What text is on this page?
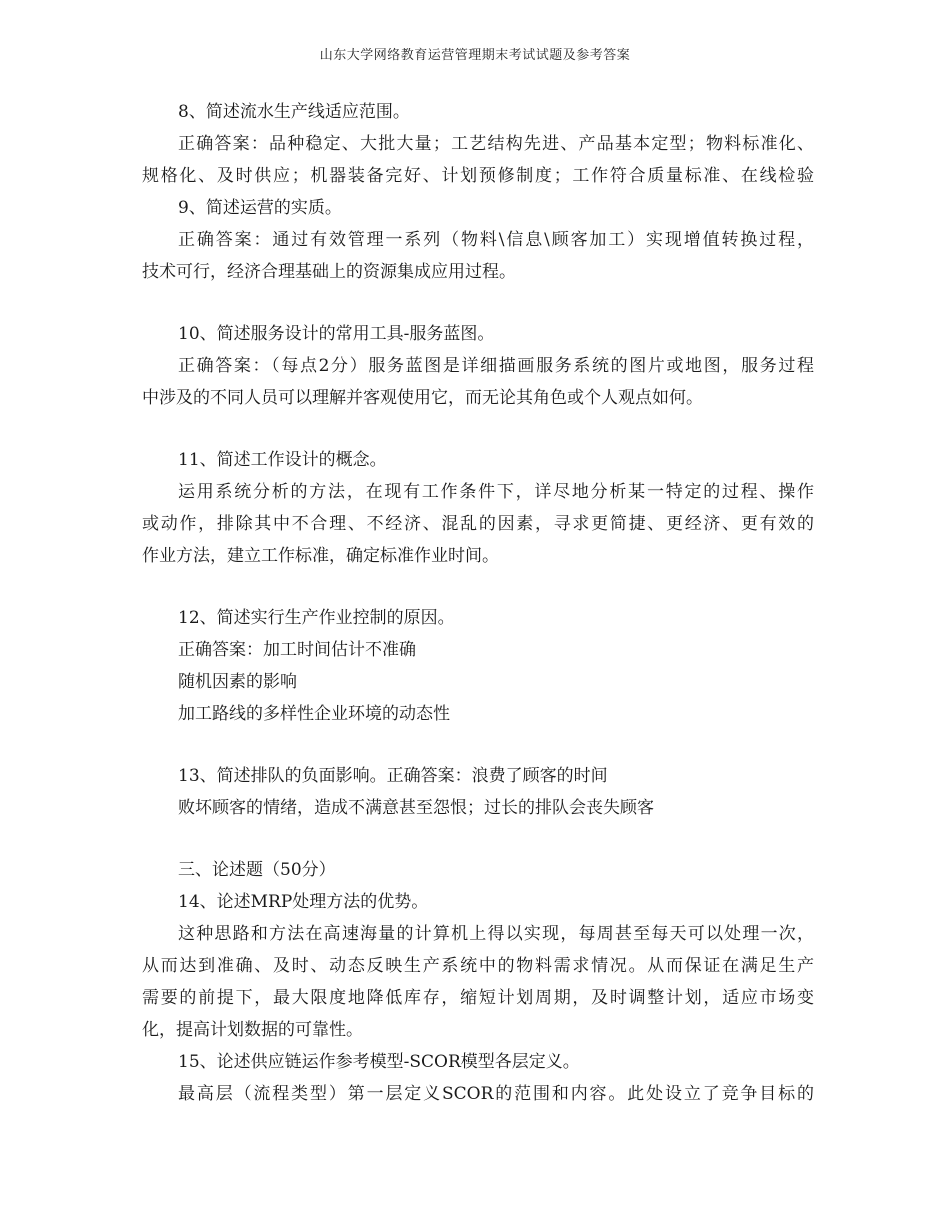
山东大学网络教育运营管理期末考试试题及参考答案
8、简述流水生产线适应范围。
正确答案：品种稳定、大批大量；工艺结构先进、产品基本定型；物料标准化、
规格化、及时供应；机器装备完好、计划预修制度；工作符合质量标准、在线检验
9、简述运营的实质。
正确答案：通过有效管理一系列（物料\信息\顾客加工）实现增值转换过程，
技术可行，经济合理基础上的资源集成应用过程。
10、简述服务设计的常用工具-服务蓝图。
正确答案：（每点2分）服务蓝图是详细描画服务系统的图片或地图，服务过程
中涉及的不同人员可以理解并客观使用它，而无论其角色或个人观点如何。
11、简述工作设计的概念。
运用系统分析的方法，在现有工作条件下，详尽地分析某一特定的过程、操作
或动作，排除其中不合理、不经济、混乱的因素，寻求更简捷、更经济、更有效的
作业方法，建立工作标准，确定标准作业时间。
12、简述实行生产作业控制的原因。
正确答案：加工时间估计不准确
随机因素的影响
加工路线的多样性企业环境的动态性
13、简述排队的负面影响。正确答案：浪费了顾客的时间
败坏顾客的情绪，造成不满意甚至怨恨；过长的排队会丧失顾客
三、论述题（50分）
14、论述MRP处理方法的优势。
这种思路和方法在高速海量的计算机上得以实现，每周甚至每天可以处理一次，
从而达到准确、及时、动态反映生产系统中的物料需求情况。从而保证在满足生产
需要的前提下，最大限度地降低库存，缩短计划周期，及时调整计划，适应市场变
化，提高计划数据的可靠性。
15、论述供应链运作参考模型-SCOR模型各层定义。
最高层（流程类型）第一层定义SCOR的范围和内容。此处设立了竞争目标的
